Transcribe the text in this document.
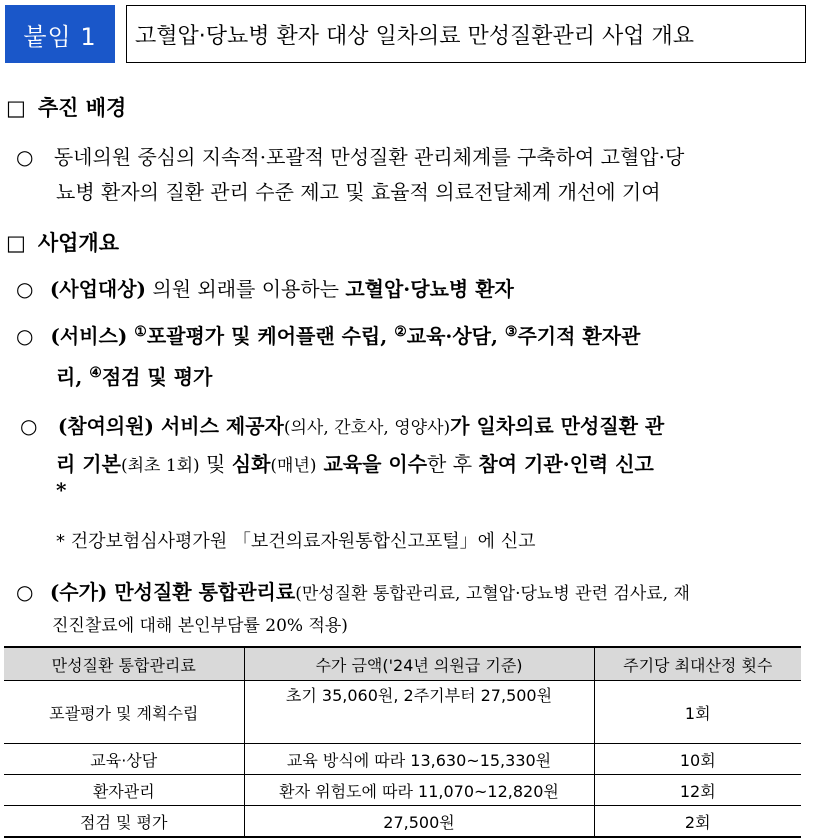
붙임 1	고혈압·당뇨병 환자 대상 일차의료 만성질환관리 사업 개요
□ 추진 배경
○ 동네의원 중심의 지속적·포괄적 만성질환 관리체계를 구축하여 고혈압·당
뇨병 환자의 질환 관리 수준 제고 및 효율적 의료전달체계 개선에 기여
□ 사업개요
○ (사업대상) 의원 외래를 이용하는 고혈압·당뇨병 환자
○ (서비스) ①포괄평가 및 케어플랜 수립, ②교육·상담, ③주기적 환자관
리, ④점검 및 평가
○ (참여의원) 서비스 제공자(의사, 간호사, 영양사)가 일차의료 만성질환 관
리 기본(최초 1회) 및 심화(매년) 교육을 이수한 후 참여 기관·인력 신고
*
* 건강보험심사평가원 「보건의료자원통합신고포털」에 신고
○ (수가) 만성질환 통합관리료(만성질환 통합관리료, 고혈압·당뇨병 관련 검사료, 재
진진찰료에 대해 본인부담률 20% 적용)
만성질환 통합관리료	수가 금액('24년 의원급 기준)	주기당 최대산정 횟수
포괄평가 및 계획수립	초기 35,060원, 2주기부터 27,500원	1회
교육·상담	교육 방식에 따라 13,630~15,330원	10회
환자관리	환자 위험도에 따라 11,070~12,820원	12회
점검 및 평가	27,500원	2회
